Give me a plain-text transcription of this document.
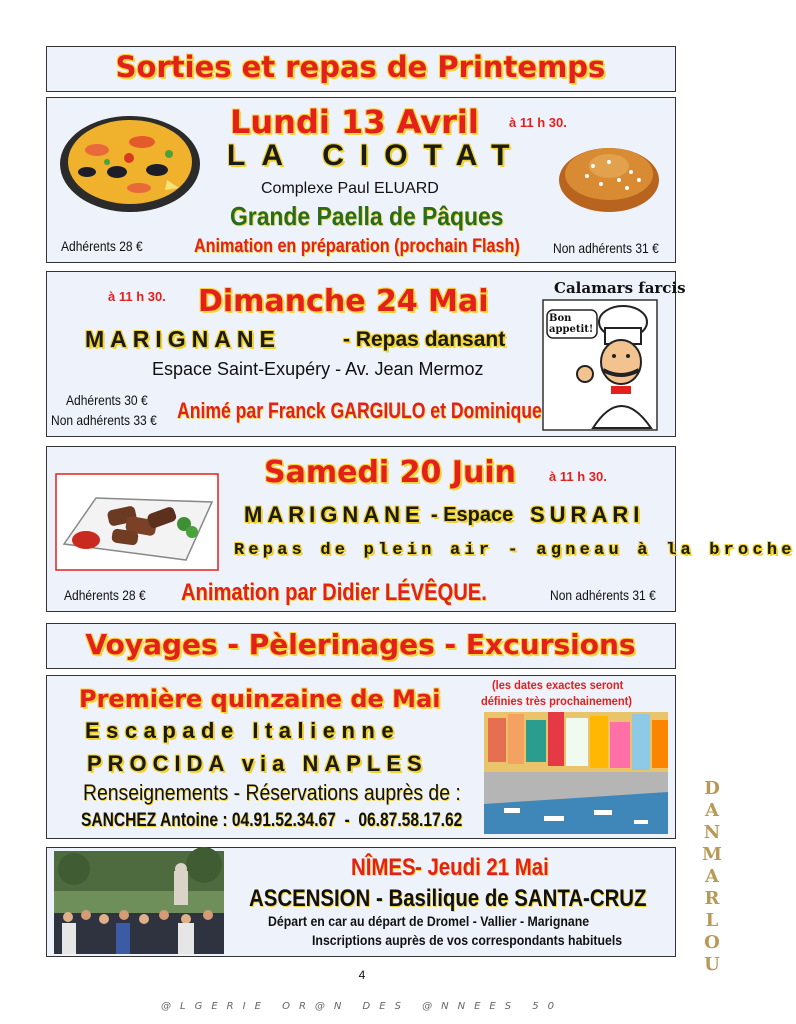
Sorties et repas de Printemps
Lundi 13 Avril à 11 h 30.
LA CIOTAT
Complexe Paul ELUARD
Grande Paella de Pâques
Adhérents 28 €	Animation en préparation (prochain Flash) Non adhérents 31 €
à 11 h 30. Dimanche 24 Mai
MARIGNANE	- Repas dansant
Espace Saint-Exupéry - Av. Jean Mermoz
Adhérents 30 €
Non adhérents 33 € Animé par Franck GARGIULO et Dominique
Calamars farcis
Bon appetit!
Samedi 20 Juin	à 11 h 30.
MARIGNANE - Espace SURARI
Repas de plein air - agneau à la broche
Adhérents 28 € Animation par Didier LÉVÊQUE.	Non adhérents 31 €
Voyages - Pèlerinages - Excursions
Première quinzaine de Mai	(les dates exactes seront
définies très prochainement)
Escapade Italienne
PROCIDA via NAPLES
Renseignements - Réservations auprès de :
SANCHEZ Antoine : 04.91.52.34.67  -  06.87.58.17.62
NÎMES - Jeudi 21 Mai
ASCENSION - Basilique de SANTA-CRUZ
Départ en car au départ de Dromel - Vallier - Marignane
Inscriptions auprès de vos correspondants habituels
4
DANMARLOU
@LGERIE OR@N DES @NNEES 50
